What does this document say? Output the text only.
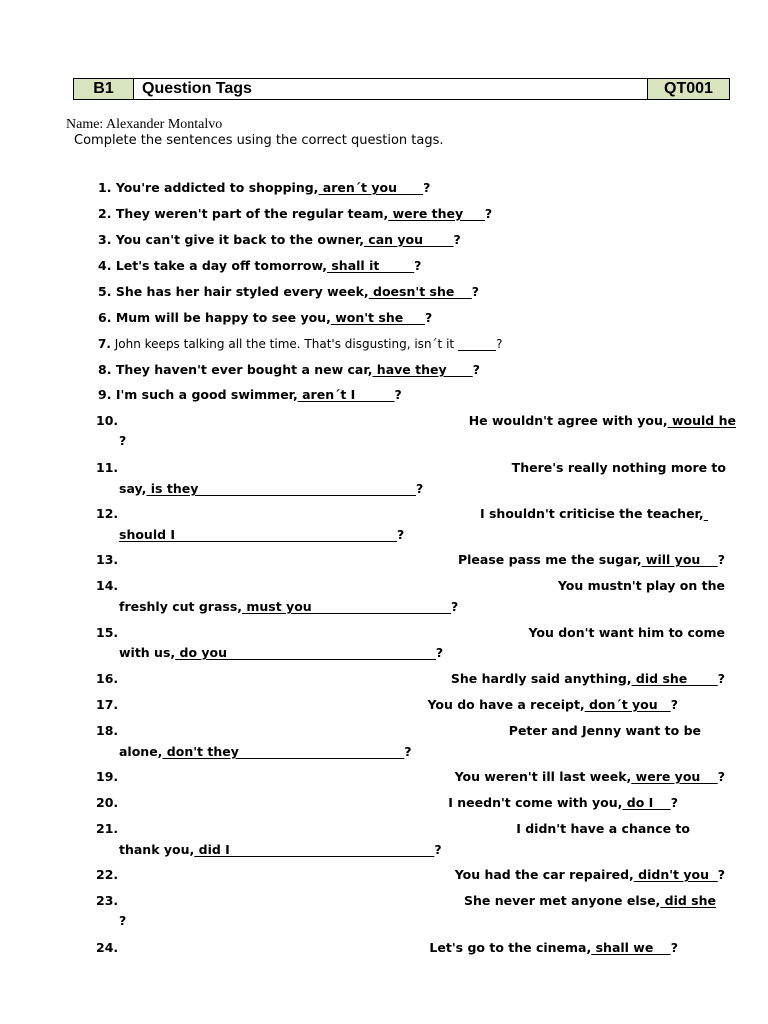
B1	Question Tags	QT001
Name: Alexander Montalvo
Complete the sentences using the correct question tags.
1. You're addicted to shopping, aren´t you      ?
2. They weren't part of the regular team, were they     ?
3. You can't give it back to the owner, can you       ?
4. Let's take a day off tomorrow, shall it        ?
5. She has her hair styled every week, doesn't she    ?
6. Mum will be happy to see you, won't she     ?
7. John keeps talking all the time. That's disgusting, isn´t it	?
8. They haven't ever bought a new car, have they      ?
9. I'm such a good swimmer, aren´t I         ?
10.	He wouldn't agree with you, would he
?
11.	There's really nothing more to
say, is they                                                  ?
12.	I shouldn't criticise the teacher,
should I                                                   ?
13.	Please pass me the sugar, will you    ?
14.	You mustn't play on the
freshly cut grass, must you                                ?
15.	You don't want him to come
with us, do you                                                ?
16.	She hardly said anything, did she       ?
17.	You do have a receipt, don´t you   ?
18.	Peter and Jenny want to be
alone, don't they                                      ?
19.	You weren't ill last week, were you    ?
20.	I needn't come with you, do I    ?
21.	I didn't have a chance to
thank you, did I                                               ?
22.	You had the car repaired, didn't you  ?
23.	She never met anyone else, did she
?
24.	Let's go to the cinema, shall we    ?
